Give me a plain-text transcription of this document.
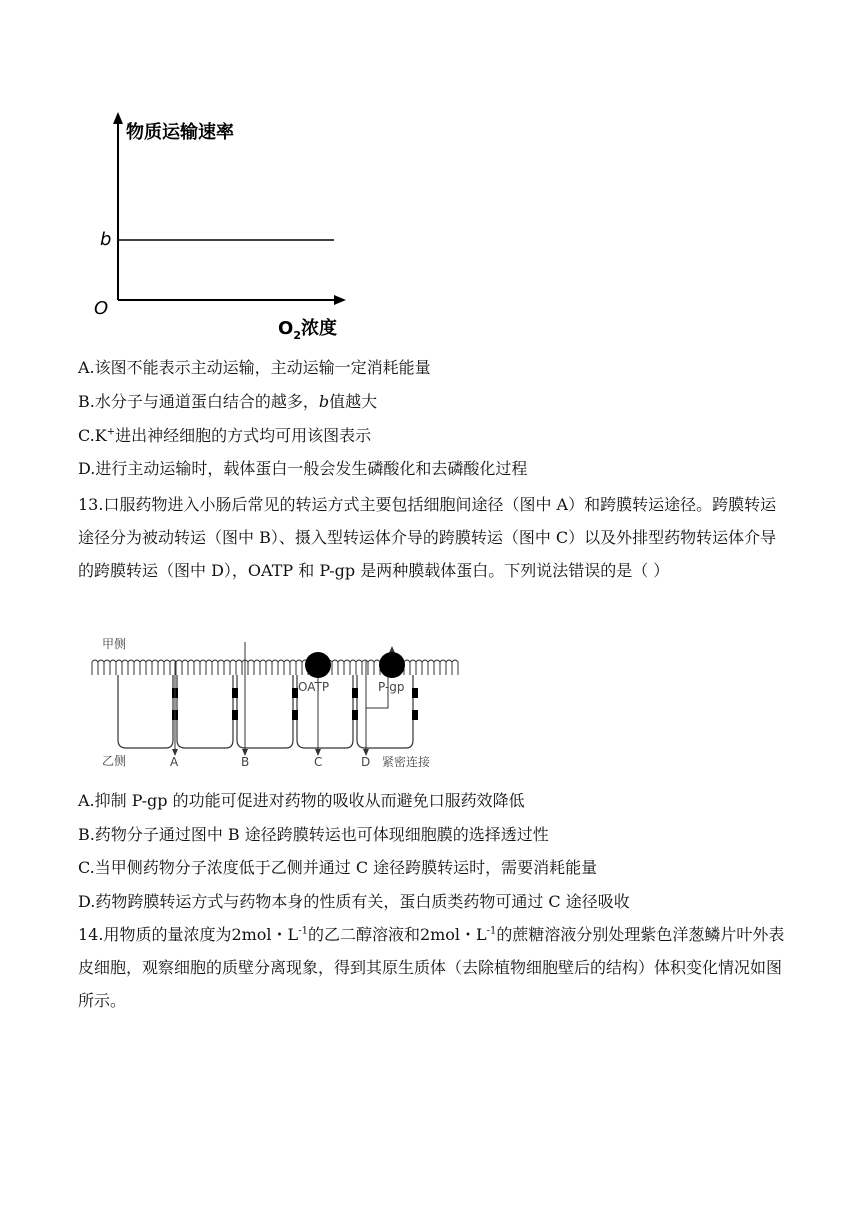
物质运输速率
b
O
$O_2$浓度
A.该图不能表示主动运输，主动运输一定消耗能量
B.水分子与通道蛋白结合的越多，b值越大
C.K+进出神经细胞的方式均可用该图表示
D.进行主动运输时，载体蛋白一般会发生磷酸化和去磷酸化过程
13.口服药物进入小肠后常见的转运方式主要包括细胞间途径（图中 A）和跨膜转运途径。跨膜转运途径分为被动转运（图中 B）、摄入型转运体介导的跨膜转运（图中 C）以及外排型药物转运体介导的跨膜转运（图中 D），OATP 和 P-gp 是两种膜载体蛋白。下列说法错误的是（ ）
甲侧
乙侧
OATP	P-gp
A	B	C	D 紧密连接
A.抑制 P-gp 的功能可促进对药物的吸收从而避免口服药效降低
B.药物分子通过图中 B 途径跨膜转运也可体现细胞膜的选择透过性
C.当甲侧药物分子浓度低于乙侧并通过 C 途径跨膜转运时，需要消耗能量
D.药物跨膜转运方式与药物本身的性质有关，蛋白质类药物可通过 C 途径吸收
14.用物质的量浓度为2mol・$L^{-1}$的乙二醇溶液和2mol・$L^{-1}$的蔗糖溶液分别处理紫色洋葱鳞片叶外表皮细胞，观察细胞的质壁分离现象，得到其原生质体（去除植物细胞壁后的结构）体积变化情况如图所示。
